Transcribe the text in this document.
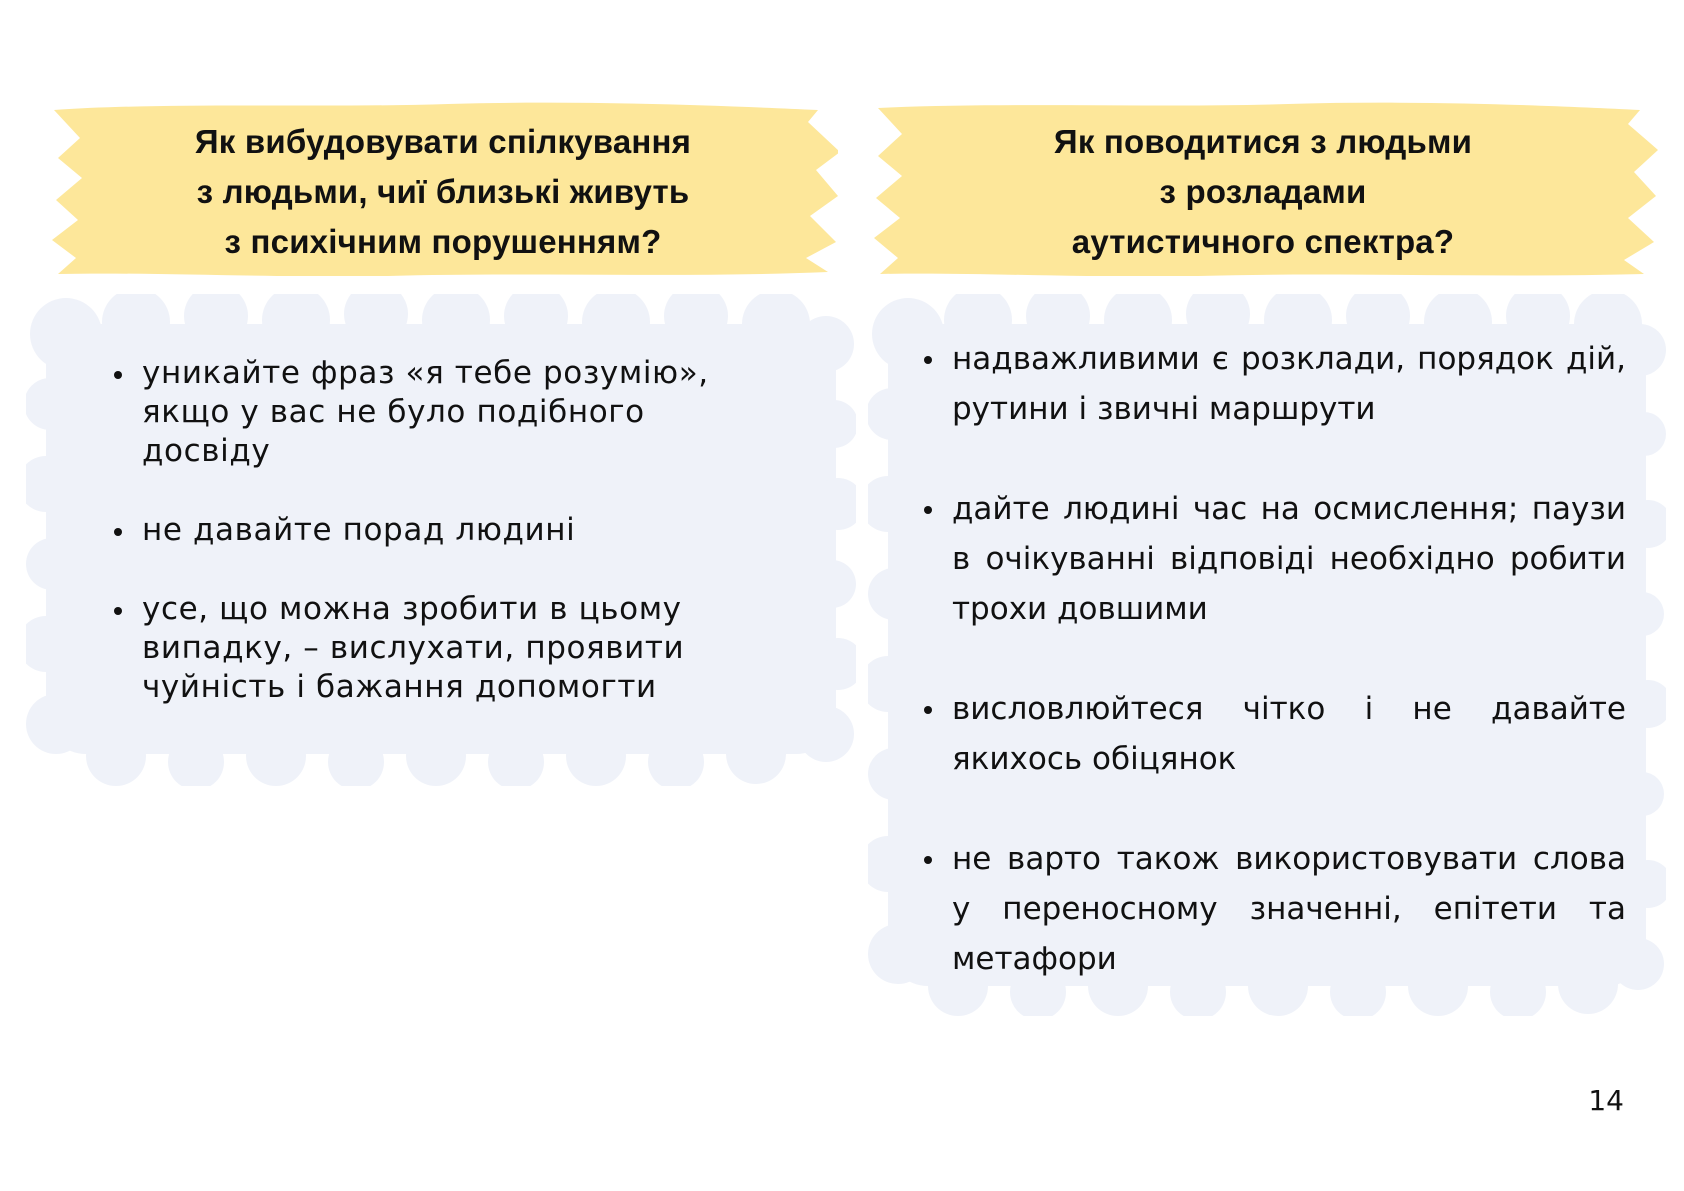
Як вибудовувати спілкування
з людьми, чиї близькі живуть
з психічним порушенням?
уникайте фраз «я тебе розумію», якщо у вас не було подібного досвіду
не давайте порад людині
усе, що можна зробити в цьому випадку, – вислухати, проявити чуйність і бажання допомогти
Як поводитися з людьми
з розладами
аутистичного спектра?
надважливими є розклади, порядок дій, рутини і звичні маршрути
дайте людині час на осмислення; паузи в очікуванні відповіді необхідно робити трохи довшими
висловлюйтеся чітко і не давайте якихось обіцянок
не варто також використовувати слова у переносному значенні, епітети та метафори
14
